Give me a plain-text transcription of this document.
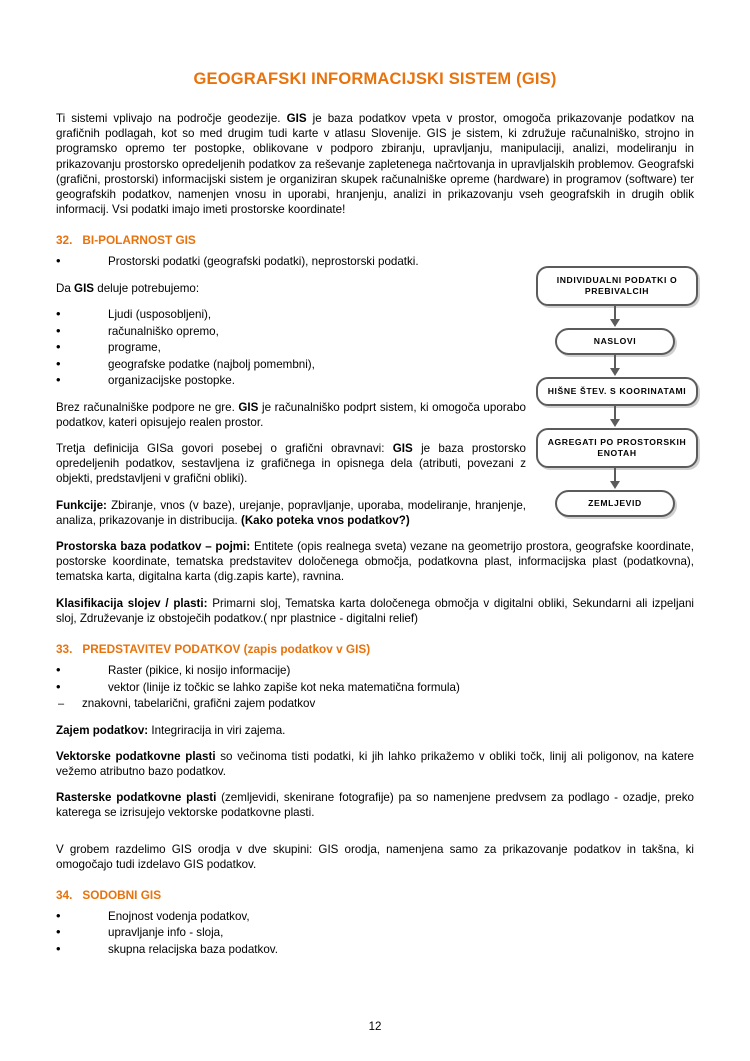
GEOGRAFSKI INFORMACIJSKI SISTEM (GIS)

Ti sistemi vplivajo na področje geodezije. GIS je baza podatkov vpeta v prostor, omogoča prikazovanje podatkov na grafičnih podlagah, kot so med drugim tudi karte v atlasu Slovenije. GIS je sistem, ki združuje računalniško, strojno in programsko opremo ter postopke, oblikovane v podporo zbiranju, upravljanju, manipulaciji, analizi, modeliranju in prikazovanju prostorsko opredeljenih podatkov za reševanje zapletenega načrtovanja in upravljalskih problemov. Geografski (grafični, prostorski) informacijski sistem je organiziran skupek računalniške opreme (hardware) in programov (software) ter geografskih podatkov, namenjen vnosu in uporabi, hranjenju, analizi in prikazovanju vseh geografskih in drugih oblik informacij. Vsi podatki imajo imeti prostorske koordinate!

32. BI-POLARNOST GIS
• Prostorski podatki (geografski podatki), neprostorski podatki.

Da GIS deluje potrebujemo:

• Ljudi (usposobljeni),
• računalniško opremo,
• programe,
• geografske podatke (najbolj pomembni),
• organizacijske postopke.

Brez računalniške podpore ne gre. GIS je računalniško podprt sistem, ki omogoča uporabo podatkov, kateri opisujejo realen prostor.

Tretja definicija GISa govori posebej o grafični obravnavi: GIS je baza prostorsko opredeljenih podatkov, sestavljena iz grafičnega in opisnega dela (atributi, povezani z objekti, predstavljeni v grafični obliki).

Funkcije: Zbiranje, vnos (v baze), urejanje, popravljanje, uporaba, modeliranje, hranjenje, analiza, prikazovanje in distribucija. (Kako poteka vnos podatkov?)

Prostorska baza podatkov – pojmi: Entitete (opis realnega sveta) vezane na geometrijo prostora, geografske koordinate, postorske koordinate, tematska predstavitev določenega območja, podatkovna plast, informacijska plast (podatkovna), tematska karta, digitalna karta (dig.zapis karte), ravnina.

Klasifikacija slojev / plasti: Primarni sloj, Tematska karta določenega območja v digitalni obliki, Sekundarni ali izpeljani sloj, Združevanje iz obstoječih podatkov.( npr plastnice - digitalni relief)

33. PREDSTAVITEV PODATKOV (zapis podatkov v GIS)
• Raster (pikice, ki nosijo informacije)
• vektor (linije iz točkic se lahko zapiše kot neka matematična formula)
– znakovni, tabelarični, grafični zajem podatkov

Zajem podatkov: Integriracija in viri zajema.

Vektorske podatkovne plasti so večinoma tisti podatki, ki jih lahko prikažemo v obliki točk, linij ali poligonov, na katere vežemo atributno bazo podatkov.

Rasterske podatkovne plasti (zemljevidi, skenirane fotografije) pa so namenjene predvsem za podlago - ozadje, preko katerega se izrisujejo vektorske podatkovne plasti.

V grobem razdelimo GIS orodja v dve skupini: GIS orodja, namenjena samo za prikazovanje podatkov in takšna, ki omogočajo tudi izdelavo GIS podatkov.

34. SODOBNI GIS
• Enojnost vodenja podatkov,
• upravljanje info - sloja,
• skupna relacijska baza podatkov.
INDIVIDUALNI PODATKI O PREBIVALCIH
NASLOVI
HIŠNE ŠTEV. S KOORINATAMI
AGREGATI PO PROSTORSKIH ENOTAH
ZEMLJEVID
12
